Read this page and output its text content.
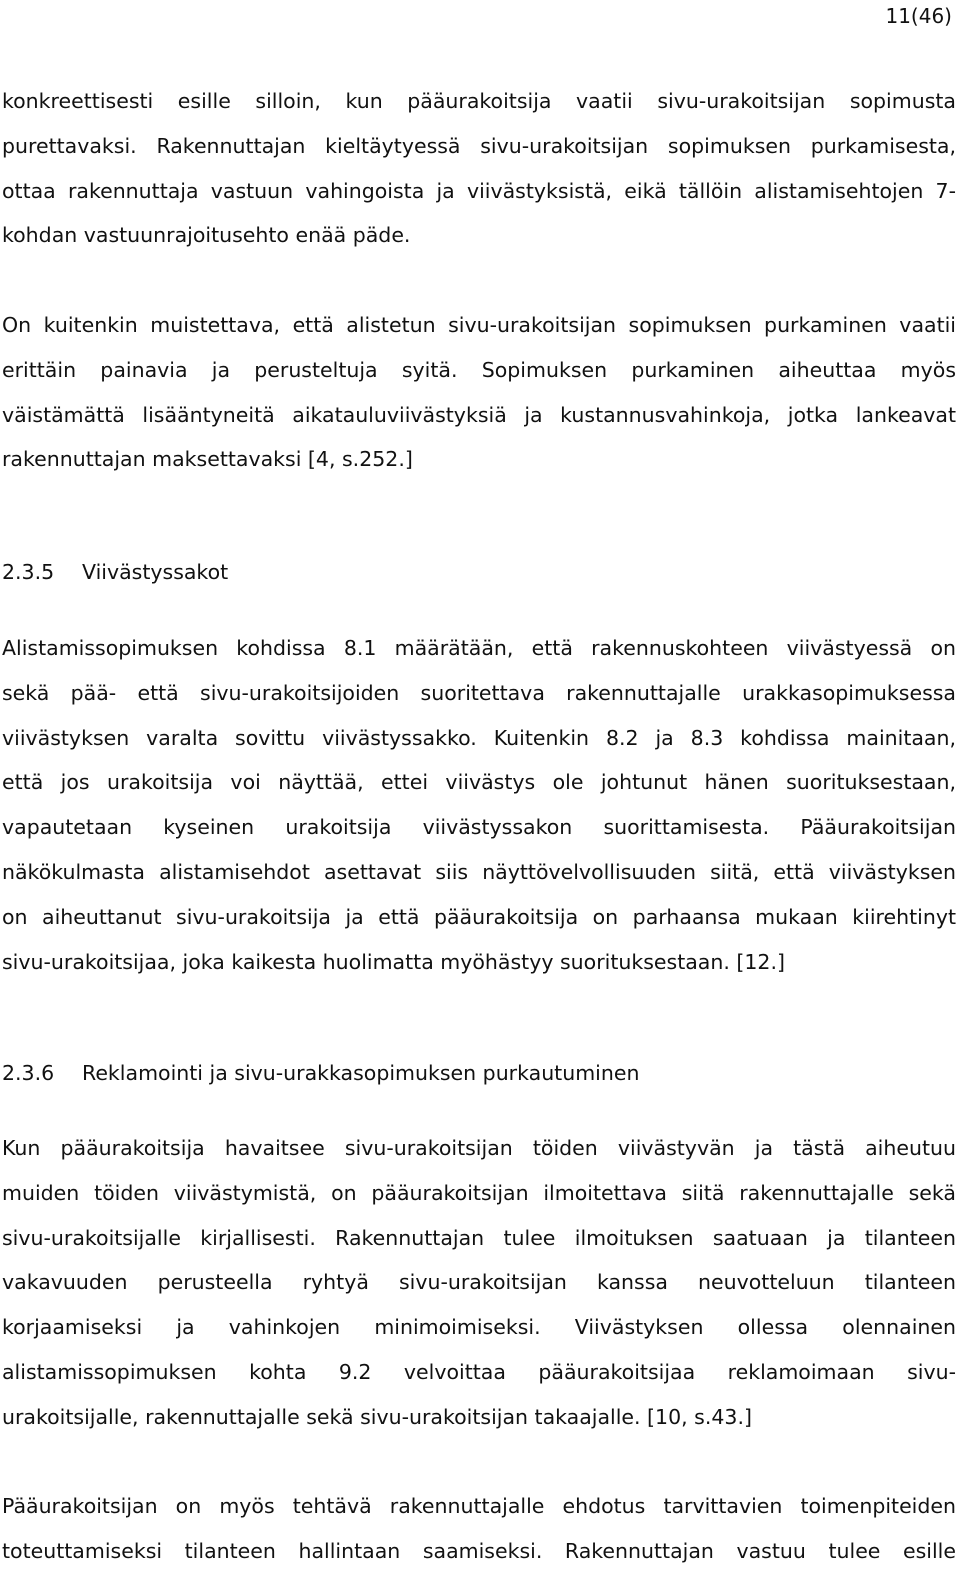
11(46)
konkreettisesti esille silloin, kun pääurakoitsija vaatii sivu-urakoitsijan sopimusta
purettavaksi. Rakennuttajan kieltäytyessä sivu-urakoitsijan sopimuksen purkamisesta,
ottaa rakennuttaja vastuun vahingoista ja viivästyksistä, eikä tällöin alistamisehtojen 7-
kohdan vastuunrajoitusehto enää päde.
On kuitenkin muistettava, että alistetun sivu-urakoitsijan sopimuksen purkaminen vaatii
erittäin painavia ja perusteltuja syitä. Sopimuksen purkaminen aiheuttaa myös
väistämättä lisääntyneitä aikatauluviivästyksiä ja kustannusvahinkoja, jotka lankeavat
rakennuttajan maksettavaksi [4, s.252.]
2.3.5 Viivästyssakot
Alistamissopimuksen kohdissa 8.1 määrätään, että rakennuskohteen viivästyessä on
sekä pää- että sivu-urakoitsijoiden suoritettava rakennuttajalle urakkasopimuksessa
viivästyksen varalta sovittu viivästyssakko. Kuitenkin 8.2 ja 8.3 kohdissa mainitaan,
että jos urakoitsija voi näyttää, ettei viivästys ole johtunut hänen suorituksestaan,
vapautetaan kyseinen urakoitsija viivästyssakon suorittamisesta. Pääurakoitsijan
näkökulmasta alistamisehdot asettavat siis näyttövelvollisuuden siitä, että viivästyksen
on aiheuttanut sivu-urakoitsija ja että pääurakoitsija on parhaansa mukaan kiirehtinyt
sivu-urakoitsijaa, joka kaikesta huolimatta myöhästyy suorituksestaan. [12.]
2.3.6 Reklamointi ja sivu-urakkasopimuksen purkautuminen
Kun pääurakoitsija havaitsee sivu-urakoitsijan töiden viivästyvän ja tästä aiheutuu
muiden töiden viivästymistä, on pääurakoitsijan ilmoitettava siitä rakennuttajalle sekä
sivu-urakoitsijalle kirjallisesti. Rakennuttajan tulee ilmoituksen saatuaan ja tilanteen
vakavuuden perusteella ryhtyä sivu-urakoitsijan kanssa neuvotteluun tilanteen
korjaamiseksi ja vahinkojen minimoimiseksi. Viivästyksen ollessa olennainen
alistamissopimuksen kohta 9.2 velvoittaa pääurakoitsijaa reklamoimaan sivu-
urakoitsijalle, rakennuttajalle sekä sivu-urakoitsijan takaajalle. [10, s.43.]
Pääurakoitsijan on myös tehtävä rakennuttajalle ehdotus tarvittavien toimenpiteiden
toteuttamiseksi tilanteen hallintaan saamiseksi. Rakennuttajan vastuu tulee esille
